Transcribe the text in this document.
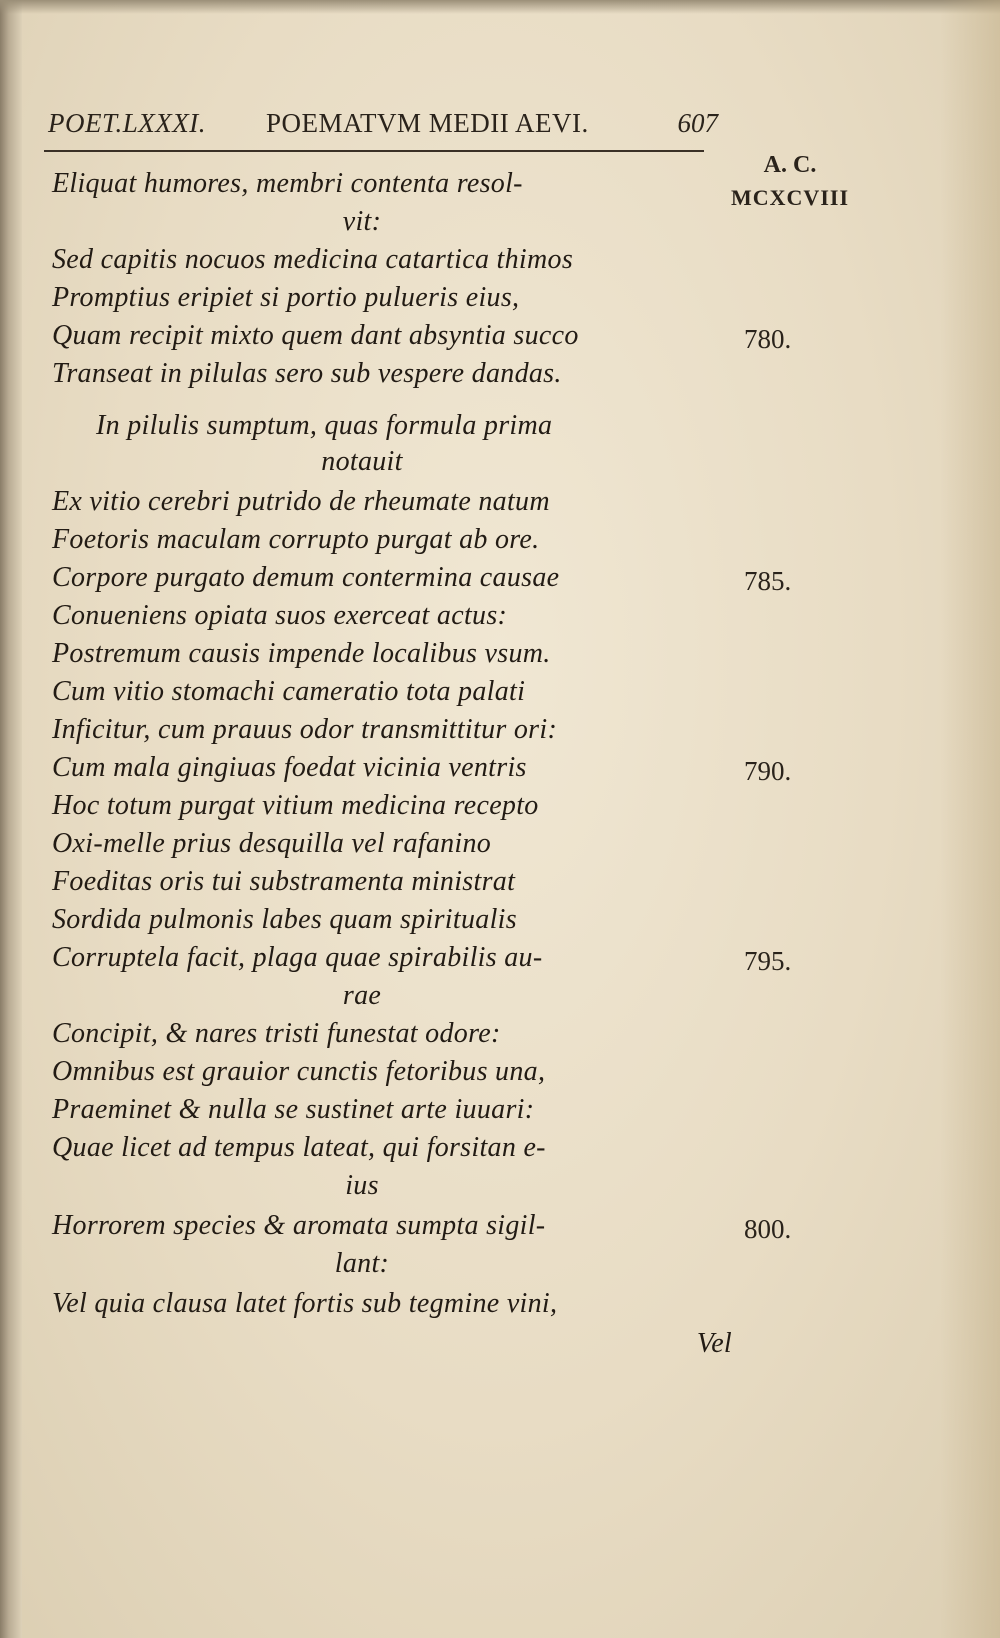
POET.LXXXI. POEMATVM MEDII AEVI.	607
A. C.
MCXCVIII
Eliquat humores, membri contenta resol-
vit:
Sed capitis nocuos medicina catartica thimos
Promptius eripiet si portio pulueris eius,
Quam recipit mixto quem dant absyntia succo
Transeat in pilulas sero sub vespere dandas.
In pilulis sumptum, quas formula prima
notauit
Ex vitio cerebri putrido de rheumate natum
Foetoris maculam corrupto purgat ab ore.
Corpore purgato demum contermina causae
Conueniens opiata suos exerceat actus:
Postremum causis impende localibus vsum.
Cum vitio stomachi cameratio tota palati
Inficitur, cum prauus odor transmittitur ori:
Cum mala gingiuas foedat vicinia ventris
Hoc totum purgat vitium medicina recepto
Oxi-melle prius desquilla vel rafanino
Foeditas oris tui substramenta ministrat
Sordida pulmonis labes quam spiritualis
Corruptela facit, plaga quae spirabilis au-
rae
Concipit, & nares tristi funestat odore:
Omnibus est grauior cunctis fetoribus una,
Praeminet & nulla se sustinet arte iuuari:
Quae licet ad tempus lateat, qui forsitan e-
ius
Horrorem species & aromata sumpta sigil-
lant:
Vel quia clausa latet fortis sub tegmine vini,
Vel
780.
785.
790.
795.
800.
